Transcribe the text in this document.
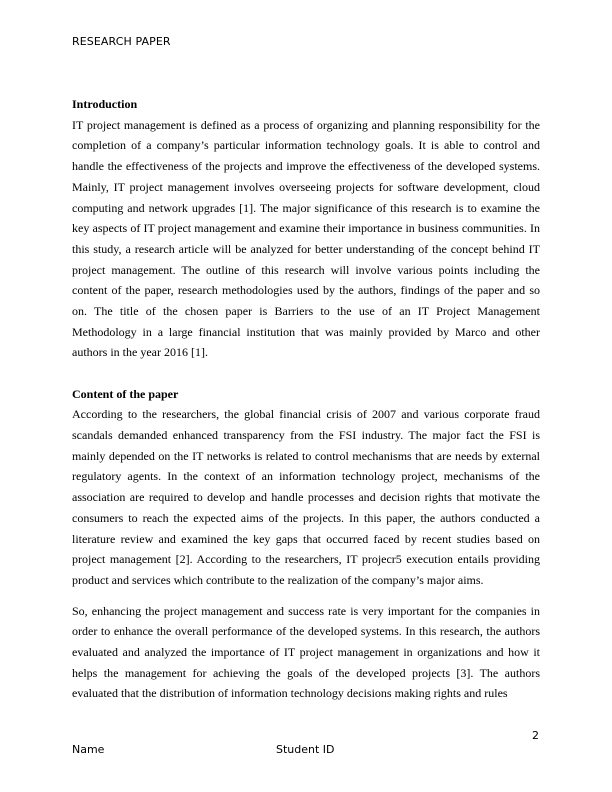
RESEARCH PAPER

Introduction

IT project management is defined as a process of organizing and planning responsibility for the completion of a company’s particular information technology goals. It is able to control and handle the effectiveness of the projects and improve the effectiveness of the developed systems. Mainly, IT project management involves overseeing projects for software development, cloud computing and network upgrades [1]. The major significance of this research is to examine the key aspects of IT project management and examine their importance in business communities. In this study, a research article will be analyzed for better understanding of the concept behind IT project management. The outline of this research will involve various points including the content of the paper, research methodologies used by the authors, findings of the paper and so on. The title of the chosen paper is Barriers to the use of an IT Project Management Methodology in a large financial institution that was mainly provided by Marco and other authors in the year 2016 [1].

Content of the paper

According to the researchers, the global financial crisis of 2007 and various corporate fraud scandals demanded enhanced transparency from the FSI industry. The major fact the FSI is mainly depended on the IT networks is related to control mechanisms that are needs by external regulatory agents. In the context of an information technology project, mechanisms of the association are required to develop and handle processes and decision rights that motivate the consumers to reach the expected aims of the projects. In this paper, the authors conducted a literature review and examined the key gaps that occurred faced by recent studies based on project management [2]. According to the researchers, IT projecr5 execution entails providing product and services which contribute to the realization of the company’s major aims.

So, enhancing the project management and success rate is very important for the companies in order to enhance the overall performance of the developed systems. In this research, the authors evaluated and analyzed the importance of IT project management in organizations and how it helps the management for achieving the goals of the developed projects [3]. The authors evaluated that the distribution of information technology decisions making rights and rules

2
Name	Student ID
